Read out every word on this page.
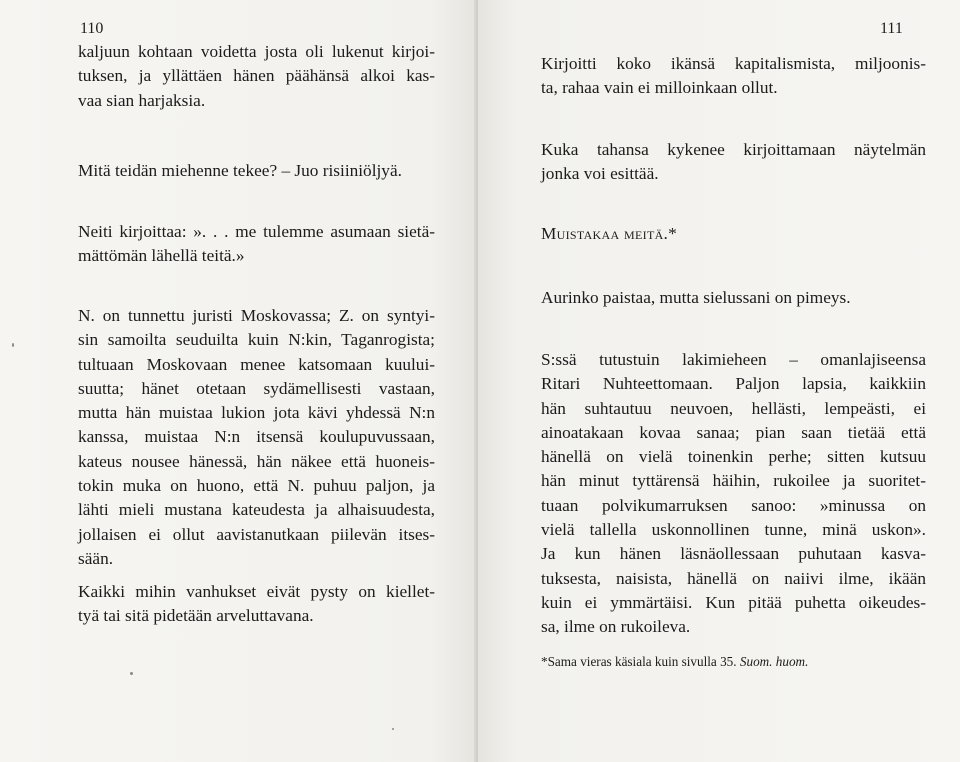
110
kaljuun kohtaan voidetta josta oli lukenut kirjoi-
tuksen, ja yllättäen hänen päähänsä alkoi kas-
vaa sian harjaksia.
Mitä teidän miehenne tekee? – Juo risiiniöljyä.
Neiti kirjoittaa: ». . . me tulemme asumaan sietä-
mättömän lähellä teitä.»
N. on tunnettu juristi Moskovassa; Z. on syntyi-
sin samoilta seuduilta kuin N:kin, Taganrogista;
tultuaan Moskovaan menee katsomaan kuului-
suutta; hänet otetaan sydämellisesti vastaan,
mutta hän muistaa lukion jota kävi yhdessä N:n
kanssa, muistaa N:n itsensä koulupuvussaan,
kateus nousee hänessä, hän näkee että huoneis-
tokin muka on huono, että N. puhuu paljon, ja
lähti mieli mustana kateudesta ja alhaisuudesta,
jollaisen ei ollut aavistanutkaan piilevän itses-
sään.
Kaikki mihin vanhukset eivät pysty on kiellet-
tyä tai sitä pidetään arveluttavana.
111
Kirjoitti koko ikänsä kapitalismista, miljoonis-
ta, rahaa vain ei milloinkaan ollut.
Kuka tahansa kykenee kirjoittamaan näytelmän
jonka voi esittää.
Muistakaa meitä.*
Aurinko paistaa, mutta sielussani on pimeys.
S:ssä tutustuin lakimieheen – omanlajiseensa
Ritari Nuhteettomaan. Paljon lapsia, kaikkiin
hän suhtautuu neuvoen, hellästi, lempeästi, ei
ainoatakaan kovaa sanaa; pian saan tietää että
hänellä on vielä toinenkin perhe; sitten kutsuu
hän minut tyttärensä häihin, rukoilee ja suoritet-
tuaan polvikumarruksen sanoo: »minussa on
vielä tallella uskonnollinen tunne, minä uskon».
Ja kun hänen läsnäollessaan puhutaan kasva-
tuksesta, naisista, hänellä on naiivi ilme, ikään
kuin ei ymmärtäisi. Kun pitää puhetta oikeudes-
sa, ilme on rukoileva.
*Sama vieras käsiala kuin sivulla 35. Suom. huom.
